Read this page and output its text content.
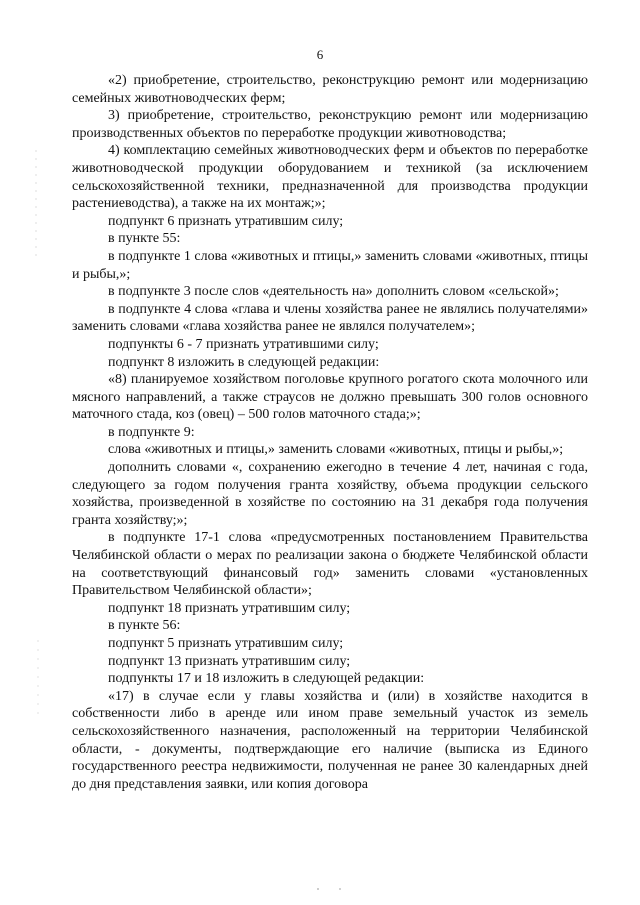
6

«2) приобретение, строительство, реконструкцию ремонт или модернизацию семейных животноводческих ферм;

3) приобретение, строительство, реконструкцию ремонт или модернизацию производственных объектов по переработке продукции животноводства;

4) комплектацию семейных животноводческих ферм и объектов по переработке животноводческой продукции оборудованием и техникой (за исключением сельскохозяйственной техники, предназначенной для производства продукции растениеводства), а также на их монтаж;»;

подпункт 6 признать утратившим силу;

в пункте 55:

в подпункте 1 слова «животных и птицы,» заменить словами «животных, птицы и рыбы,»;

в подпункте 3 после слов «деятельность на» дополнить словом «сельской»;

в подпункте 4 слова «глава и члены хозяйства ранее не являлись получателями» заменить словами «глава хозяйства ранее не являлся получателем»;

подпункты 6 - 7 признать утратившими силу;

подпункт 8 изложить в следующей редакции:

«8) планируемое хозяйством поголовье крупного рогатого скота молочного или мясного направлений, а также страусов не должно превышать 300 голов основного маточного стада, коз (овец) – 500 голов маточного стада;»;

в подпункте 9:

слова «животных и птицы,» заменить словами «животных, птицы и рыбы,»;

дополнить словами «, сохранению ежегодно в течение 4 лет, начиная с года, следующего за годом получения гранта хозяйству, объема продукции сельского хозяйства, произведенной в хозяйстве по состоянию на 31 декабря года получения гранта хозяйству;»;

в подпункте 17-1 слова «предусмотренных постановлением Правительства Челябинской области о мерах по реализации закона о бюджете Челябинской области на соответствующий финансовый год» заменить словами «установленных Правительством Челябинской области»;

подпункт 18 признать утратившим силу;

в пункте 56:

подпункт 5 признать утратившим силу;

подпункт 13 признать утратившим силу;

подпункты 17 и 18 изложить в следующей редакции:

«17) в случае если у главы хозяйства и (или) в хозяйстве находится в собственности либо в аренде или ином праве земельный участок из земель сельскохозяйственного назначения, расположенный на территории Челябинской области, - документы, подтверждающие его наличие (выписка из Единого государственного реестра недвижимости, полученная не ранее 30 календарных дней до дня представления заявки, или копия договора
